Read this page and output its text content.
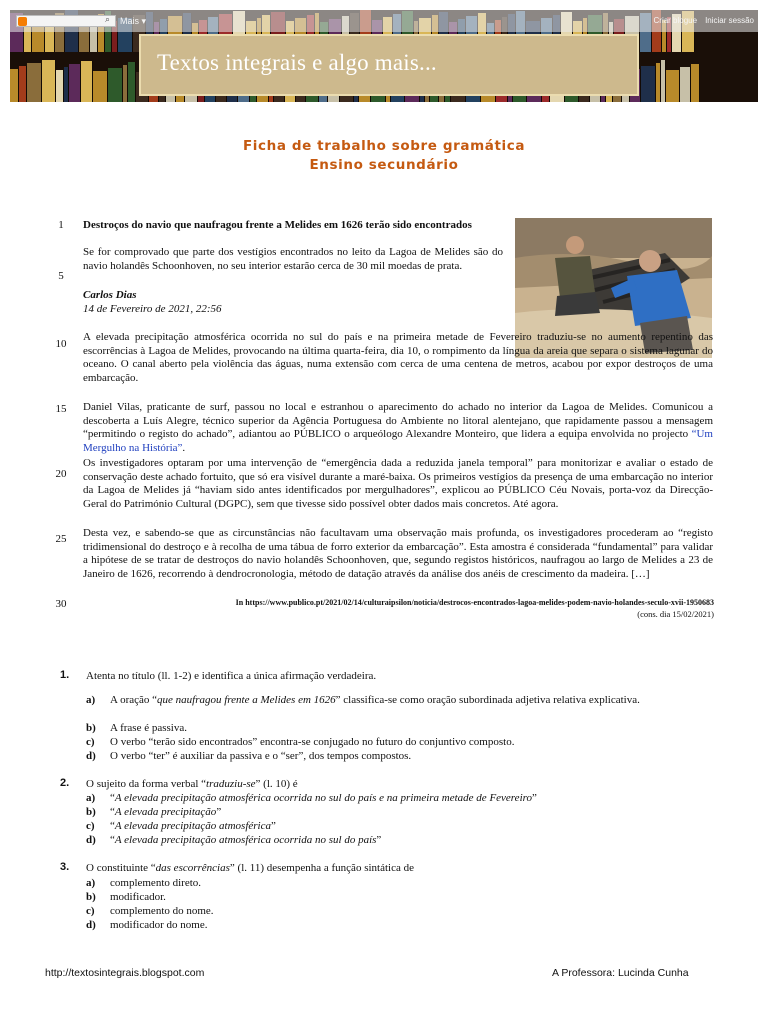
⌕ Mais ▾	Criar blogue Iniciar sessão
Textos integrais e algo mais...
Ficha de trabalho sobre gramática
Ensino secundário
1
5
10
15
20
25
30
Destroços do navio que naufragou frente a Melides em 1626 terão sido encontrados
Se for comprovado que parte dos vestígios encontrados no leito da Lagoa de Melides são do navio holandês Schoonhoven, no seu interior estarão cerca de 30 mil moedas de prata.
Carlos Dias
14 de Fevereiro de 2021, 22:56
A elevada precipitação atmosférica ocorrida no sul do país e na primeira metade de Fevereiro traduziu-se no aumento repentino das escorrências à Lagoa de Melides, provocando na última quarta-feira, dia 10, o rompimento da língua da areia que separa o sistema lagunar do oceano. O canal aberto pela violência das águas, numa extensão com cerca de uma centena de metros, acabou por expor destroços de uma embarcação.
Daniel Vilas, praticante de surf, passou no local e estranhou o aparecimento do achado no interior da Lagoa de Melides. Comunicou a descoberta a Luís Alegre, técnico superior da Agência Portuguesa do Ambiente no litoral alentejano, que rapidamente passou a mensagem “permitindo o registo do achado”, adiantou ao PÚBLICO o arqueólogo Alexandre Monteiro, que lidera a equipa envolvida no projecto “Um Mergulho na História”.
Os investigadores optaram por uma intervenção de “emergência dada a reduzida janela temporal” para monitorizar e avaliar o estado de conservação deste achado fortuito, que só era visível durante a maré-baixa. Os primeiros vestígios da presença de uma embarcação no interior da Lagoa de Melides já “haviam sido antes identificados por mergulhadores”, explicou ao PÚBLICO Céu Novais, porta-voz da Direcção-Geral do Património Cultural (DGPC), sem que tivesse sido possível obter dados mais concretos. Até agora.
Desta vez, e sabendo-se que as circunstâncias não facultavam uma observação mais profunda, os investigadores procederam ao “registo tridimensional do destroço e à recolha de uma tábua de forro exterior da embarcação”. Esta amostra é considerada “fundamental” para validar a hipótese de se tratar de destroços do navio holandês Schoonhoven, que, segundo registos históricos, naufragou ao largo de Melides a 23 de Janeiro de 1626, recorrendo à dendrocronologia, método de datação através da análise dos anéis de crescimento da madeira. […]
In https://www.publico.pt/2021/02/14/culturaipsilon/noticia/destrocos-encontrados-lagoa-melides-podem-navio-holandes-seculo-xvii-1950683
(cons. dia 15/02/2021)
1. Atenta no título (ll. 1-2) e identifica a única afirmação verdadeira.
a) A oração “que naufragou frente a Melides em 1626” classifica-se como oração subordinada adjetiva relativa explicativa.
b) A frase é passiva.
c) O verbo “terão sido encontrados” encontra-se conjugado no futuro do conjuntivo composto.
d) O verbo “ter” é auxiliar da passiva e o “ser”, dos tempos compostos.
2. O sujeito da forma verbal “traduziu-se” (l. 10) é
a) “A elevada precipitação atmosférica ocorrida no sul do país e na primeira metade de Fevereiro”
b) “A elevada precipitação”
c) “A elevada precipitação atmosférica”
d) “A elevada precipitação atmosférica ocorrida no sul do país”
3. O constituinte “das escorrências” (l. 11) desempenha a função sintática de
a) complemento direto.
b) modificador.
c) complemento do nome.
d) modificador do nome.
http://textosintegrais.blogspot.com	A Professora: Lucinda Cunha
